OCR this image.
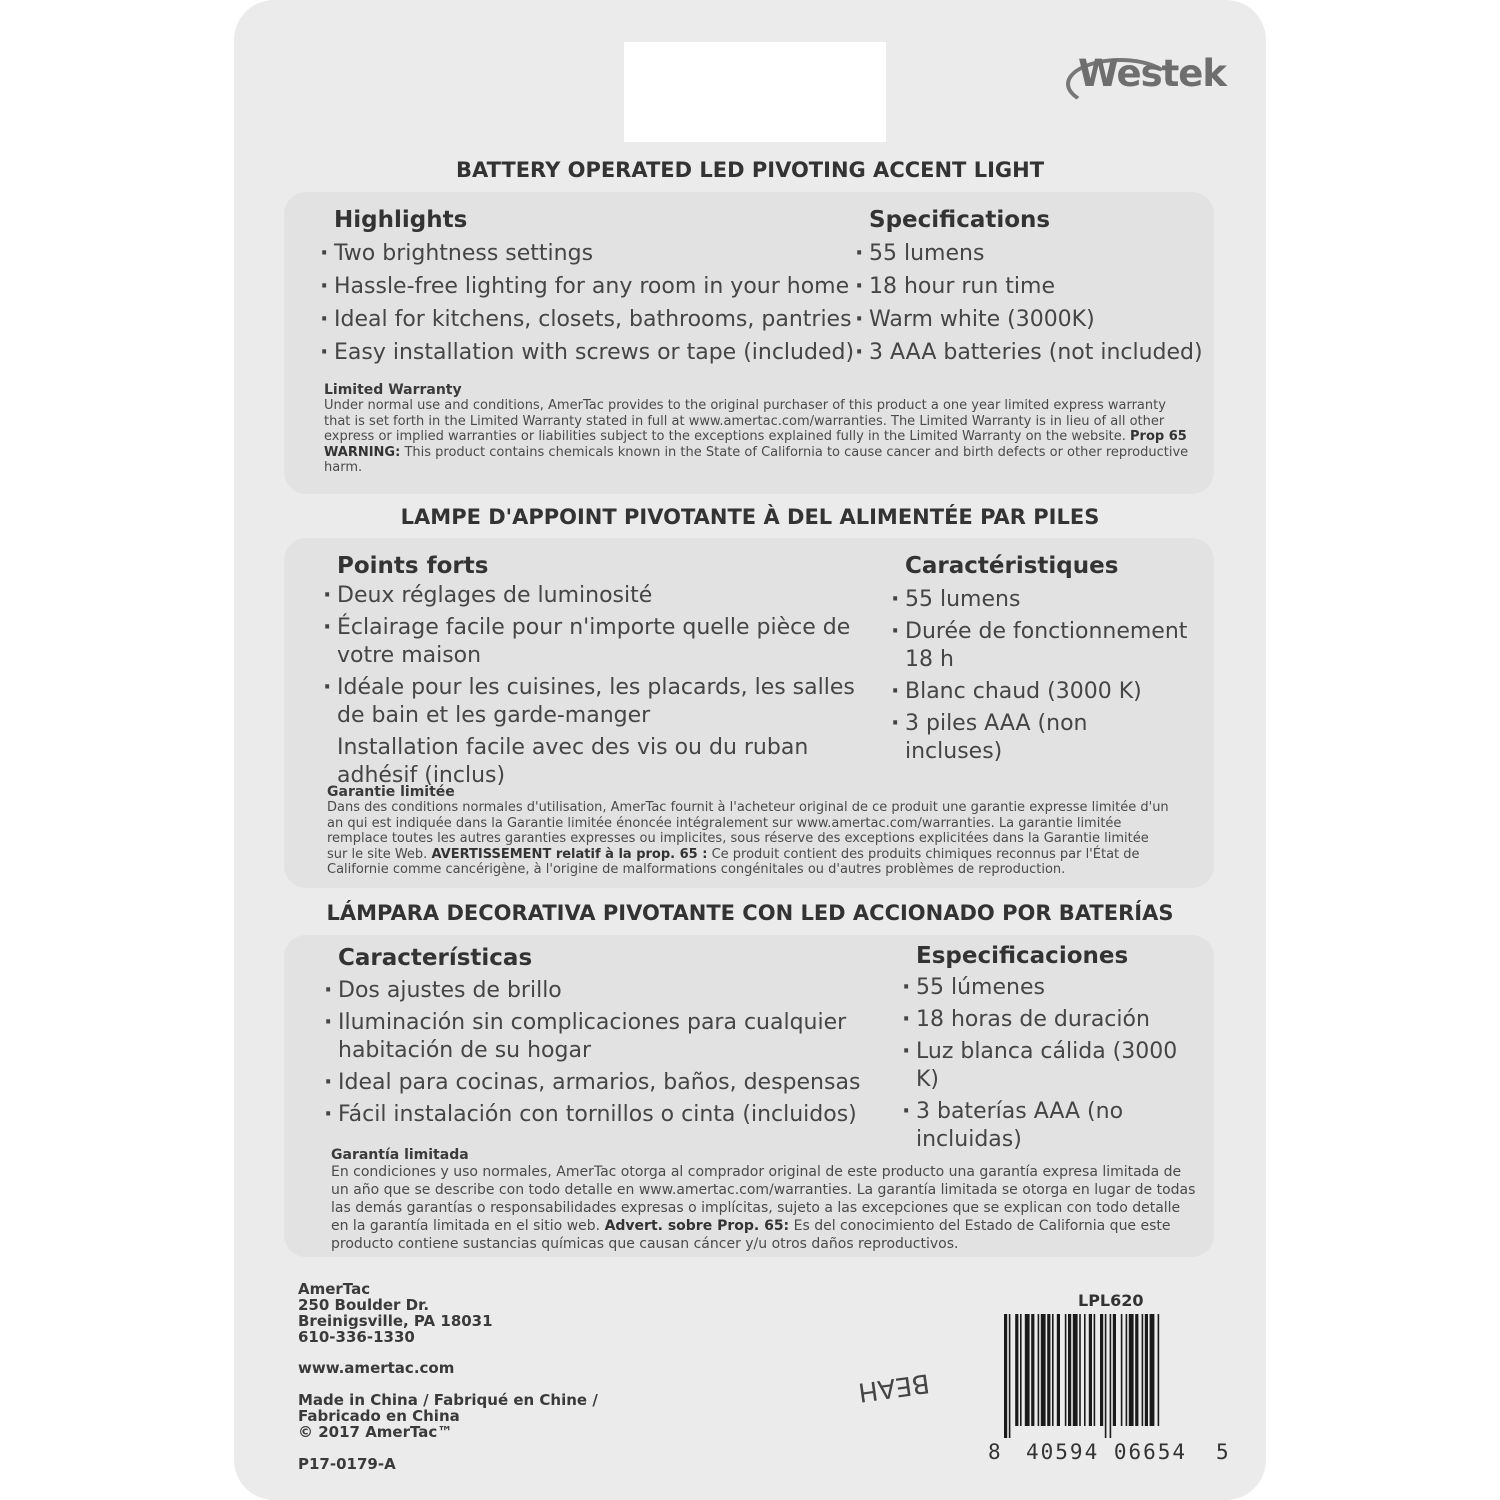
Westek
BATTERY OPERATED LED PIVOTING ACCENT LIGHT
Highlights
· Two brightness settings
· Hassle-free lighting for any room in your home
· Ideal for kitchens, closets, bathrooms, pantries
· Easy installation with screws or tape (included)
Specifications
· 55 lumens
· 18 hour run time
· Warm white (3000K)
· 3 AAA batteries (not included)
Limited Warranty
Under normal use and conditions, AmerTac provides to the original purchaser of this product a one year limited express warranty that is set forth in the Limited Warranty stated in full at www.amertac.com/warranties. The Limited Warranty is in lieu of all other express or implied warranties or liabilities subject to the exceptions explained fully in the Limited Warranty on the website. Prop 65 WARNING: This product contains chemicals known in the State of California to cause cancer and birth defects or other reproductive harm.
LAMPE D'APPOINT PIVOTANTE À DEL ALIMENTÉE PAR PILES
Points forts
· Deux réglages de luminosité
· Éclairage facile pour n'importe quelle pièce de votre maison
· Idéale pour les cuisines, les placards, les salles de bain et les garde-manger
Installation facile avec des vis ou du ruban adhésif (inclus)
Caractéristiques
· 55 lumens
· Durée de fonctionnement 18 h
· Blanc chaud (3000 K)
· 3 piles AAA (non incluses)
Garantie limitée
Dans des conditions normales d'utilisation, AmerTac fournit à l'acheteur original de ce produit une garantie expresse limitée d'un an qui est indiquée dans la Garantie limitée énoncée intégralement sur www.amertac.com/warranties. La garantie limitée remplace toutes les autres garanties expresses ou implicites, sous réserve des exceptions explicitées dans la Garantie limitée sur le site Web. AVERTISSEMENT relatif à la prop. 65 : Ce produit contient des produits chimiques reconnus par l'État de Californie comme cancérigène, à l'origine de malformations congénitales ou d'autres problèmes de reproduction.
LÁMPARA DECORATIVA PIVOTANTE CON LED ACCIONADO POR BATERÍAS
Características
· Dos ajustes de brillo
· Iluminación sin complicaciones para cualquier habitación de su hogar
· Ideal para cocinas, armarios, baños, despensas
· Fácil instalación con tornillos o cinta (incluidos)
Especificaciones
· 55 lúmenes
· 18 horas de duración
· Luz blanca cálida (3000 K)
· 3 baterías AAA (no incluidas)
Garantía limitada
En condiciones y uso normales, AmerTac otorga al comprador original de este producto una garantía expresa limitada de un año que se describe con todo detalle en www.amertac.com/warranties. La garantía limitada se otorga en lugar de todas las demás garantías o responsabilidades expresas o implícitas, sujeto a las excepciones que se explican con todo detalle en la garantía limitada en el sitio web. Advert. sobre Prop. 65: Es del conocimiento del Estado de California que este producto contiene sustancias químicas que causan cáncer y/u otros daños reproductivos.
AmerTac
250 Boulder Dr.
Breinigsville, PA 18031
610-336-1330
www.amertac.com
Made in China / Fabriqué en Chine /
Fabricado en China
© 2017 AmerTac™
P17-0179-A
BEAH
LPL620
8 40594 06654 5
